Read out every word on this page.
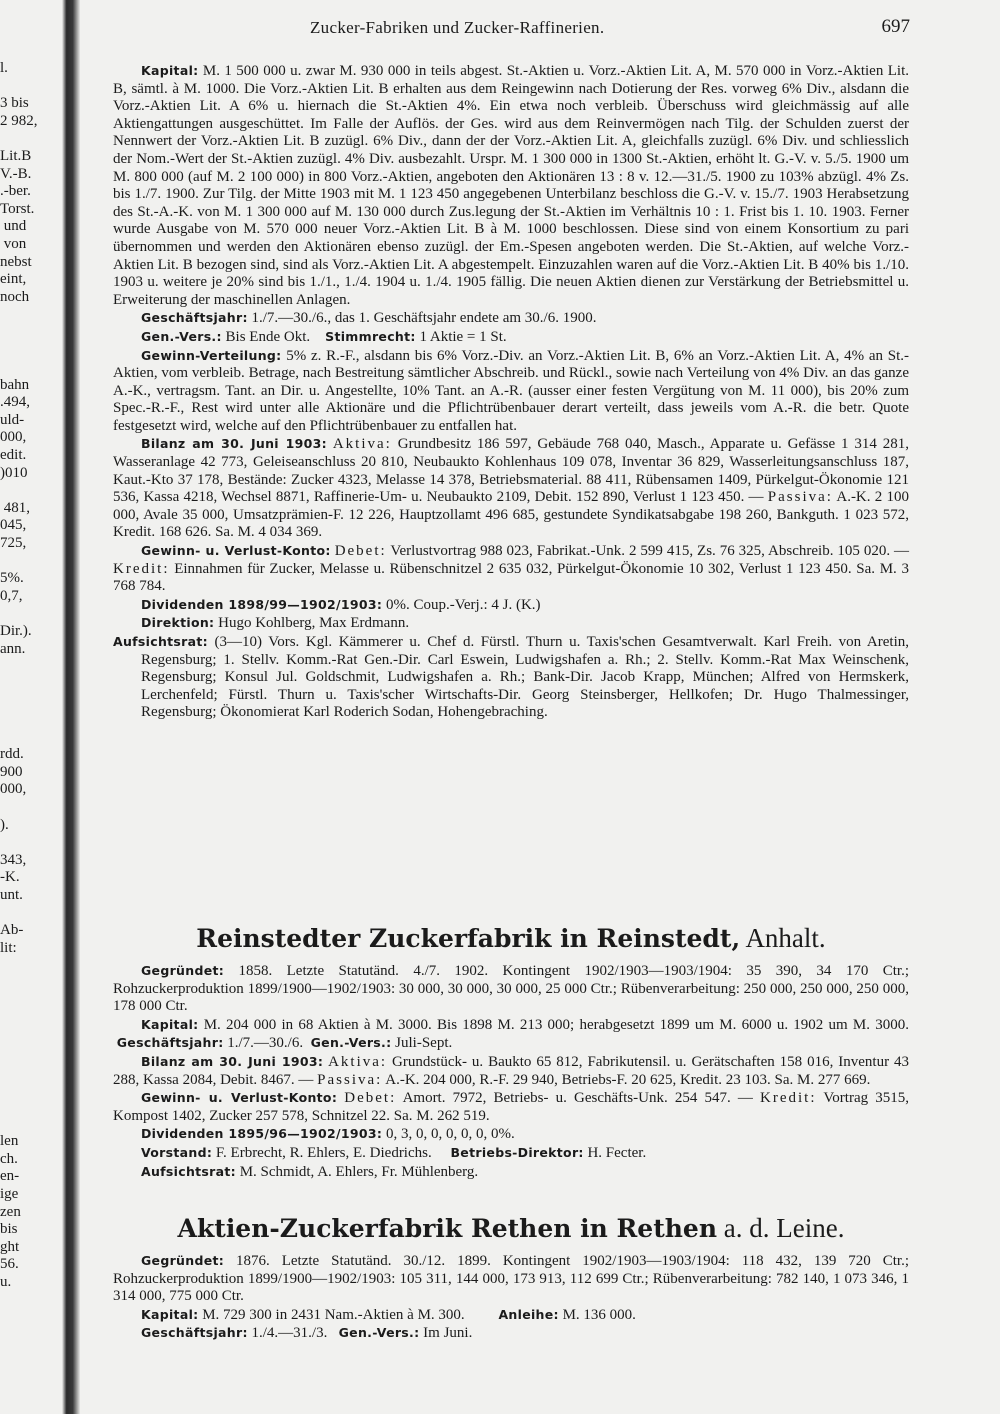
l.

3 bis
2 982,

Lit.B
V.-B.
.-ber.
Torst.
und
von
nebst
eint,
noch

bahn
.494,
uld-
000,
edit.
)010

481,
045,
725,

5%.
0,7,

Dir.).
ann.

rdd.
900
000,

).

343,
-K.
unt.

Ab-
lit:

len
ch.
en-
ige
zen
bis
ght
56.
u.
Zucker-Fabriken und Zucker-Raffinerien.	697

Kapital: M. 1 500 000 u. zwar M. 930 000 in teils abgest. St.-Aktien u. Vorz.-Aktien Lit. A, M. 570 000 in Vorz.-Aktien Lit. B, sämtl. à M. 1000. Die Vorz.-Aktien Lit. B erhalten aus dem Reingewinn nach Dotierung der Res. vorweg 6% Div., alsdann die Vorz.-Aktien Lit. A 6% u. hiernach die St.-Aktien 4%. Ein etwa noch verbleib. Überschuss wird gleichmässig auf alle Aktiengattungen ausgeschüttet. Im Falle der Auflös. der Ges. wird aus dem Reinvermögen nach Tilg. der Schulden zuerst der Nennwert der Vorz.-Aktien Lit. B zuzügl. 6% Div., dann der der Vorz.-Aktien Lit. A, gleichfalls zuzügl. 6% Div. und schliesslich der Nom.-Wert der St.-Aktien zuzügl. 4% Div. ausbezahlt. Urspr. M. 1 300 000 in 1300 St.-Aktien, erhöht lt. G.-V. v. 5./5. 1900 um M. 800 000 (auf M. 2 100 000) in 800 Vorz.-Aktien, angeboten den Aktionären 13 : 8 v. 12.—31./5. 1900 zu 103% abzügl. 4% Zs. bis 1./7. 1900. Zur Tilg. der Mitte 1903 mit M. 1 123 450 angegebenen Unterbilanz beschloss die G.-V. v. 15./7. 1903 Herabsetzung des St.-A.-K. von M. 1 300 000 auf M. 130 000 durch Zus.legung der St.-Aktien im Verhältnis 10 : 1. Frist bis 1. 10. 1903. Ferner wurde Ausgabe von M. 570 000 neuer Vorz.-Aktien Lit. B à M. 1000 beschlossen. Diese sind von einem Konsortium zu pari übernommen und werden den Aktionären ebenso zuzügl. der Em.-Spesen angeboten werden. Die St.-Aktien, auf welche Vorz.-Aktien Lit. B bezogen sind, sind als Vorz.-Aktien Lit. A abgestempelt. Einzuzahlen waren auf die Vorz.-Aktien Lit. B 40% bis 1./10. 1903 u. weitere je 20% sind bis 1./1., 1./4. 1904 u. 1./4. 1905 fällig. Die neuen Aktien dienen zur Verstärkung der Betriebsmittel u. Erweiterung der maschinellen Anlagen.

Geschäftsjahr: 1./7.—30./6., das 1. Geschäftsjahr endete am 30./6. 1900.

Gen.-Vers.: Bis Ende Okt. Stimmrecht: 1 Aktie = 1 St.

Gewinn-Verteilung: 5% z. R.-F., alsdann bis 6% Vorz.-Div. an Vorz.-Aktien Lit. B, 6% an Vorz.-Aktien Lit. A, 4% an St.-Aktien, vom verbleib. Betrage, nach Bestreitung sämtlicher Abschreib. und Rückl., sowie nach Verteilung von 4% Div. an das ganze A.-K., vertragsm. Tant. an Dir. u. Angestellte, 10% Tant. an A.-R. (ausser einer festen Vergütung von M. 11 000), bis 20% zum Spec.-R.-F., Rest wird unter alle Aktionäre und die Pflichtrübenbauer derart verteilt, dass jeweils vom A.-R. die betr. Quote festgesetzt wird, welche auf den Pflichtrübenbauer zu entfallen hat.

Bilanz am 30. Juni 1903: Aktiva: Grundbesitz 186 597, Gebäude 768 040, Masch., Apparate u. Gefässe 1 314 281, Wasseranlage 42 773, Geleiseanschluss 20 810, Neubaukto Kohlenhaus 109 078, Inventar 36 829, Wasserleitungsanschluss 187, Kaut.-Kto 37 178, Bestände: Zucker 4323, Melasse 14 378, Betriebsmaterial. 88 411, Rübensamen 1409, Pürkelgut-Ökonomie 121 536, Kassa 4218, Wechsel 8871, Raffinerie-Um- u. Neubaukto 2109, Debit. 152 890, Verlust 1 123 450. — Passiva: A.-K. 2 100 000, Avale 35 000, Umsatzprämien-F. 12 226, Hauptzollamt 496 685, gestundete Syndikatsabgabe 198 260, Bankguth. 1 023 572, Kredit. 168 626. Sa. M. 4 034 369.

Gewinn- u. Verlust-Konto: Debet: Verlustvortrag 988 023, Fabrikat.-Unk. 2 599 415, Zs. 76 325, Abschreib. 105 020. — Kredit: Einnahmen für Zucker, Melasse u. Rübenschnitzel 2 635 032, Pürkelgut-Ökonomie 10 302, Verlust 1 123 450. Sa. M. 3 768 784.

Dividenden 1898/99—1902/1903: 0%. Coup.-Verj.: 4 J. (K.)

Direktion: Hugo Kohlberg, Max Erdmann.

Aufsichtsrat: (3—10) Vors. Kgl. Kämmerer u. Chef d. Fürstl. Thurn u. Taxis'schen Gesamtverwalt. Karl Freih. von Aretin, Regensburg; 1. Stellv. Komm.-Rat Gen.-Dir. Carl Eswein, Ludwigshafen a. Rh.; 2. Stellv. Komm.-Rat Max Weinschenk, Regensburg; Konsul Jul. Goldschmit, Ludwigshafen a. Rh.; Bank-Dir. Jacob Krapp, München; Alfred von Hermskerk, Lerchenfeld; Fürstl. Thurn u. Taxis'scher Wirtschafts-Dir. Georg Steinsberger, Hellkofen; Dr. Hugo Thalmessinger, Regensburg; Ökonomierat Karl Roderich Sodan, Hohengebraching.

Reinstedter Zuckerfabrik in Reinstedt, Anhalt.

Gegründet: 1858. Letzte Statutänd. 4./7. 1902. Kontingent 1902/1903—1903/1904: 35 390, 34 170 Ctr.; Rohzuckerproduktion 1899/1900—1902/1903: 30 000, 30 000, 30 000, 25 000 Ctr.; Rübenverarbeitung: 250 000, 250 000, 250 000, 178 000 Ctr.

Kapital: M. 204 000 in 68 Aktien à M. 3000. Bis 1898 M. 213 000; herabgesetzt 1899 um M. 6000 u. 1902 um M. 3000.  Geschäftsjahr: 1./7.—30./6. Gen.-Vers.: Juli-Sept.

Bilanz am 30. Juni 1903: Aktiva: Grundstück- u. Baukto 65 812, Fabrikutensil. u. Gerätschaften 158 016, Inventur 43 288, Kassa 2084, Debit. 8467. — Passiva: A.-K. 204 000, R.-F. 29 940, Betriebs-F. 20 625, Kredit. 23 103. Sa. M. 277 669.

Gewinn- u. Verlust-Konto: Debet: Amort. 7972, Betriebs- u. Geschäfts-Unk. 254 547. — Kredit: Vortrag 3515, Kompost 1402, Zucker 257 578, Schnitzel 22. Sa. M. 262 519.

Dividenden 1895/96—1902/1903: 0, 3, 0, 0, 0, 0, 0, 0%.

Vorstand: F. Erbrecht, R. Ehlers, E. Diedrichs. Betriebs-Direktor: H. Fecter.

Aufsichtsrat: M. Schmidt, A. Ehlers, Fr. Mühlenberg.

Aktien-Zuckerfabrik Rethen in Rethen a. d. Leine.

Gegründet: 1876. Letzte Statutänd. 30./12. 1899. Kontingent 1902/1903—1903/1904: 118 432, 139 720 Ctr.; Rohzuckerproduktion 1899/1900—1902/1903: 105 311, 144 000, 173 913, 112 699 Ctr.; Rübenverarbeitung: 782 140, 1 073 346, 1 314 000, 775 000 Ctr.

Kapital: M. 729 300 in 2431 Nam.-Aktien à M. 300.	Anleihe: M. 136 000.

Geschäftsjahr: 1./4.—31./3. Gen.-Vers.: Im Juni.
